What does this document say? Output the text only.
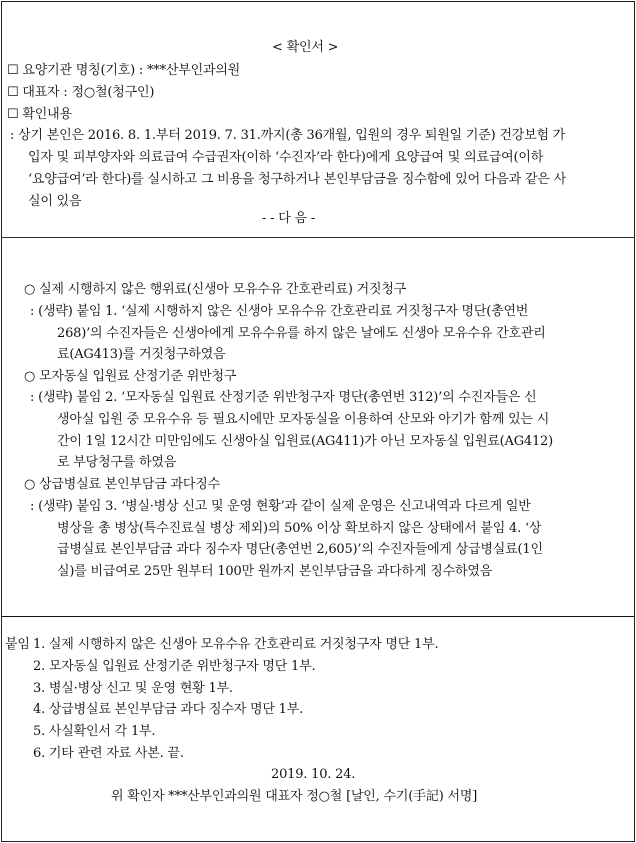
< 확인서 >
☐ 요양기관 명칭(기호) : ***산부인과의원
☐ 대표자 : 정○철(청구인)
☐ 확인내용
: 상기 본인은 2016. 8. 1.부터 2019. 7. 31.까지(총 36개월, 입원의 경우 퇴원일 기준) 건강보험 가
입자 및 피부양자와 의료급여 수급권자(이하 ‘수진자’라 한다)에게 요양급여 및 의료급여(이하
‘요양급여’라 한다)를 실시하고 그 비용을 청구하거나 본인부담금을 징수함에 있어 다음과 같은 사
실이 있음
- - 다 음 -
○ 실제 시행하지 않은 행위료(신생아 모유수유 간호관리료) 거짓청구
: (생략) 붙임 1. ‘실제 시행하지 않은 신생아 모유수유 간호관리료 거짓청구자 명단(총연번
268)’의 수진자들은 신생아에게 모유수유를 하지 않은 날에도 신생아 모유수유 간호관리
료(AG413)를 거짓청구하였음
○ 모자동실 입원료 산정기준 위반청구
: (생략) 붙임 2. ‘모자동실 입원료 산정기준 위반청구자 명단(총연번 312)’의 수진자들은 신
생아실 입원 중 모유수유 등 필요시에만 모자동실을 이용하여 산모와 아기가 함께 있는 시
간이 1일 12시간 미만임에도 신생아실 입원료(AG411)가 아닌 모자동실 입원료(AG412)
로 부당청구를 하였음
○ 상급병실료 본인부담금 과다징수
: (생략) 붙임 3. ‘병실·병상 신고 및 운영 현황’과 같이 실제 운영은 신고내역과 다르게 일반
병상을 총 병상(특수진료실 병상 제외)의 50% 이상 확보하지 않은 상태에서 붙임 4. ‘상
급병실료 본인부담금 과다 징수자 명단(총연번 2,605)’의 수진자들에게 상급병실료(1인
실)를 비급여로 25만 원부터 100만 원까지 본인부담금을 과다하게 징수하였음
붙임 1. 실제 시행하지 않은 신생아 모유수유 간호관리료 거짓청구자 명단 1부.
2. 모자동실 입원료 산정기준 위반청구자 명단 1부.
3. 병실·병상 신고 및 운영 현황 1부.
4. 상급병실료 본인부담금 과다 징수자 명단 1부.
5. 사실확인서 각 1부.
6. 기타 관련 자료 사본. 끝.
2019. 10. 24.
위 확인자 ***산부인과의원 대표자 정○철 [날인, 수기(手記) 서명]
